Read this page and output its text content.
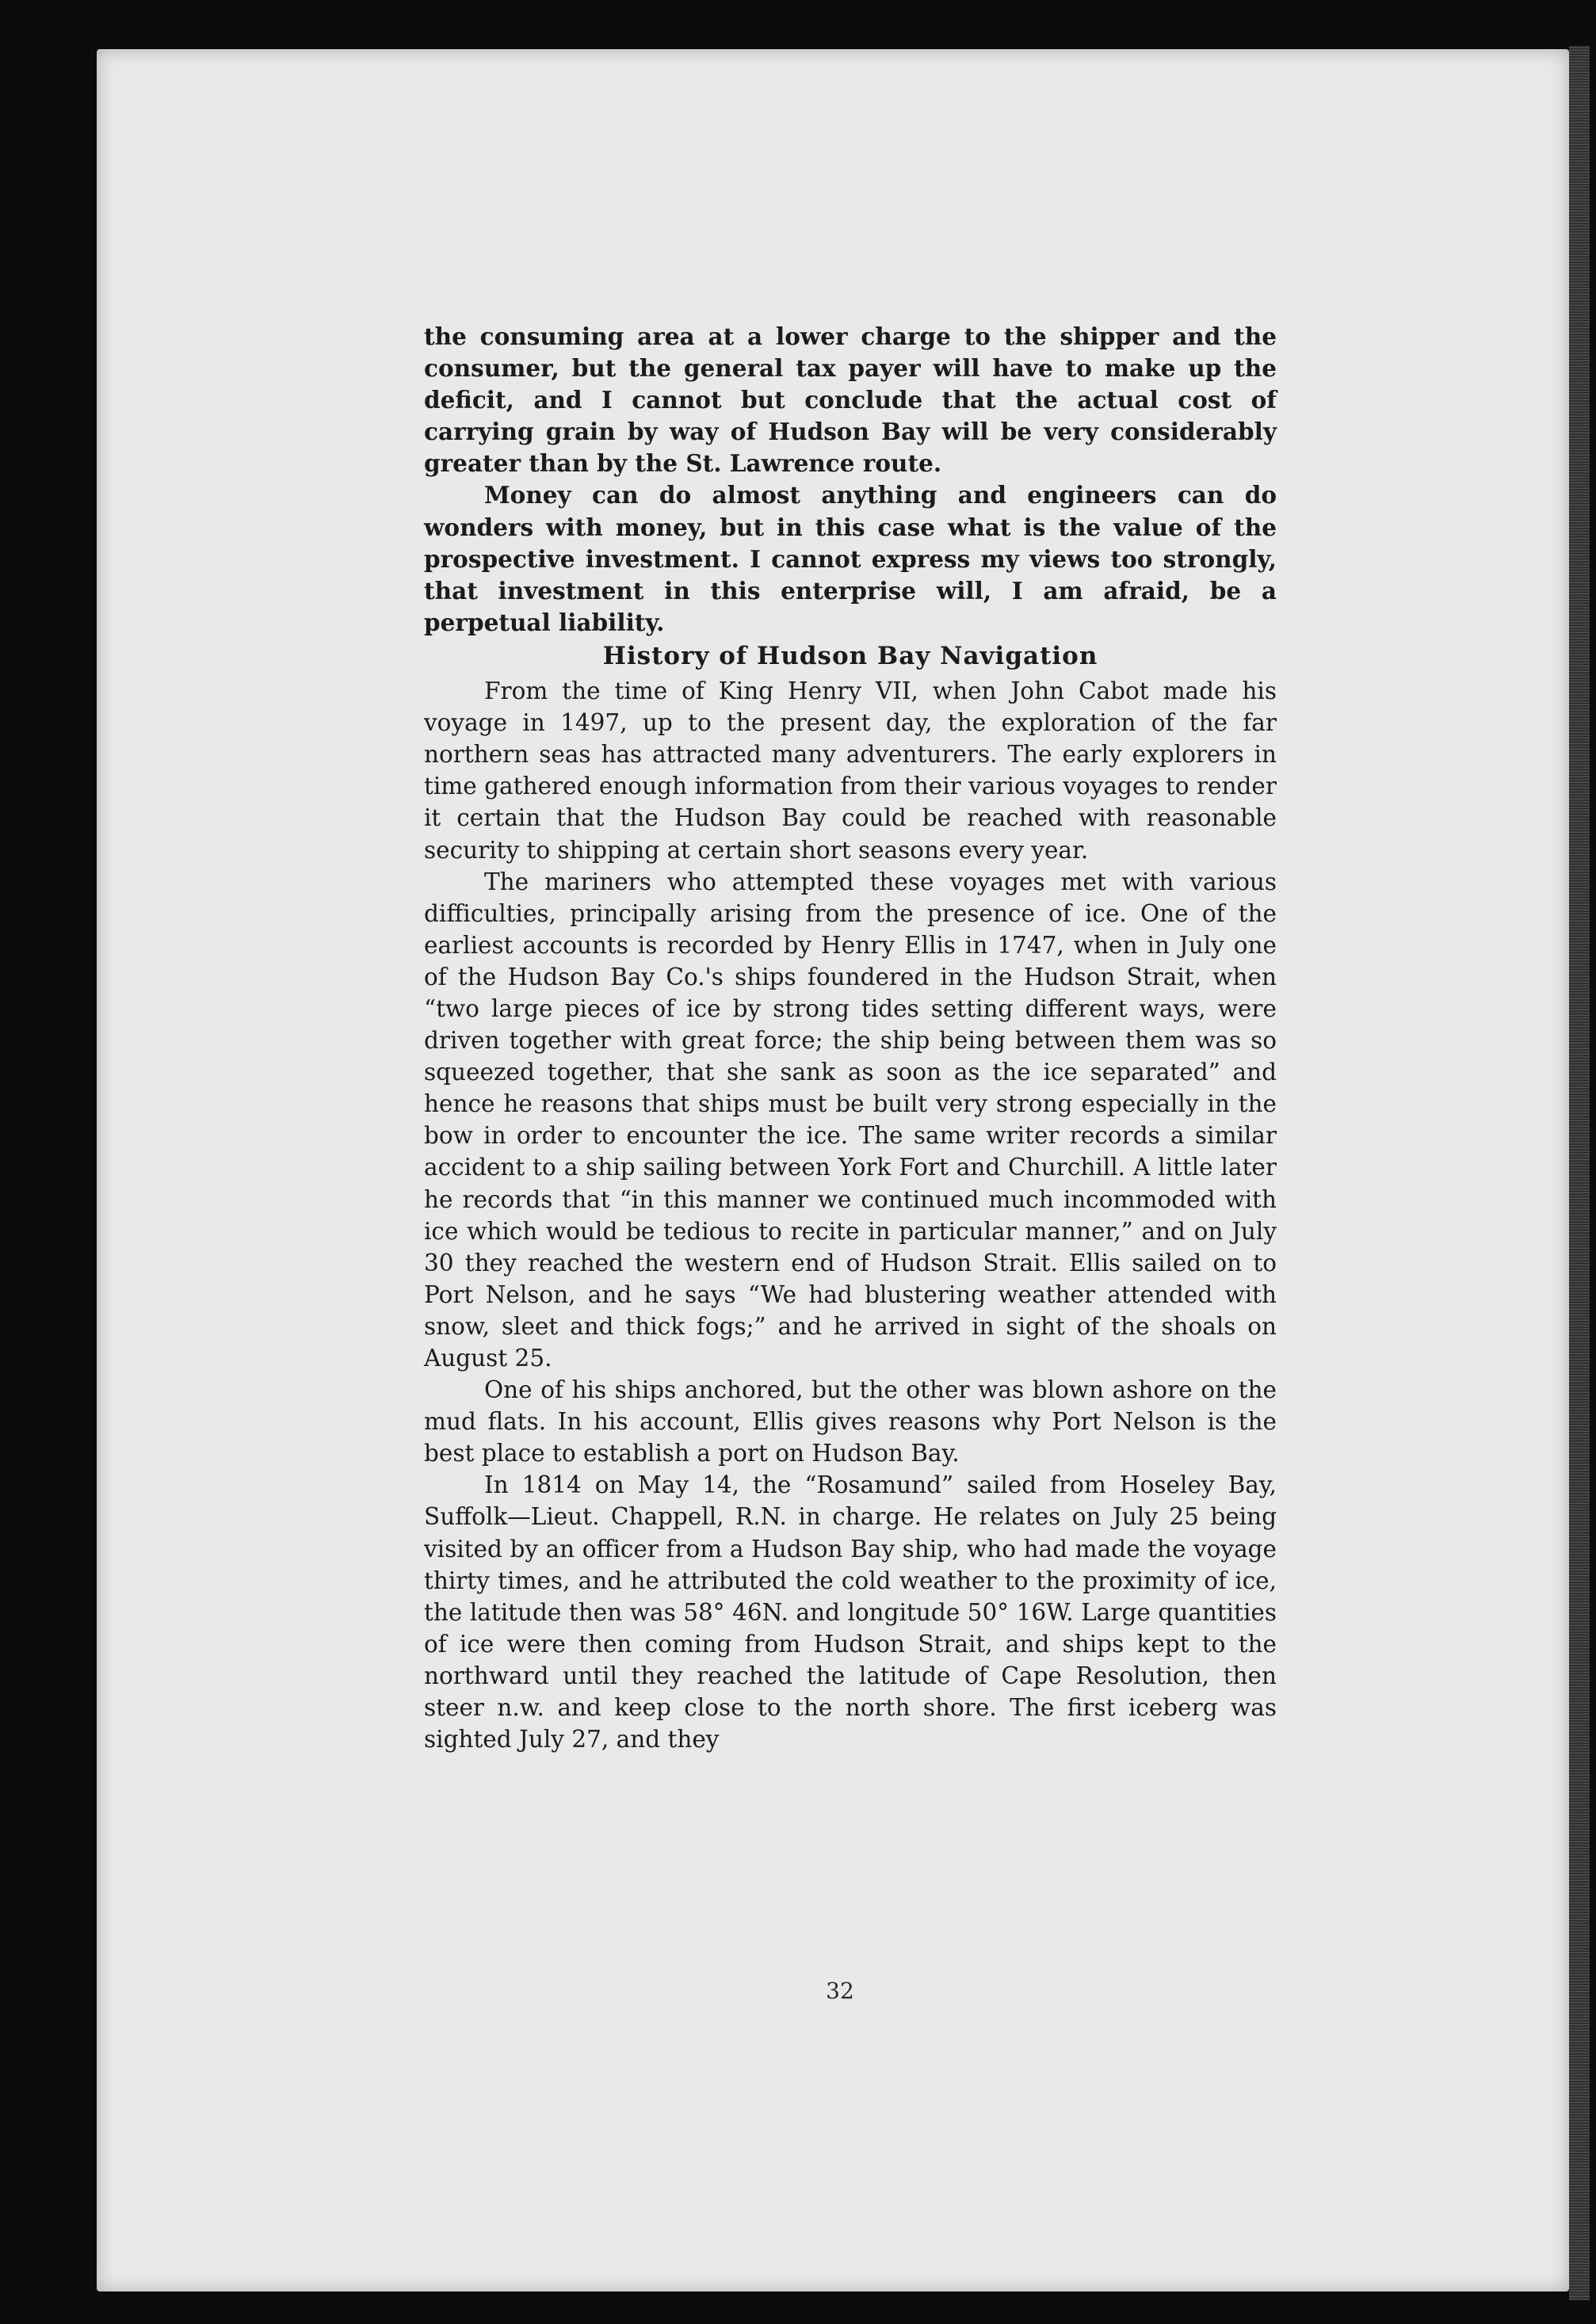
the consuming area at a lower charge to the shipper and the consumer, but the general tax payer will have to make up the deficit, and I cannot but conclude that the actual cost of carrying grain by way of Hudson Bay will be very considerably greater than by the St. Lawrence route.

Money can do almost anything and engineers can do wonders with money, but in this case what is the value of the prospective investment. I cannot express my views too strongly, that investment in this enterprise will, I am afraid, be a perpetual liability.

History of Hudson Bay Navigation

From the time of King Henry VII, when John Cabot made his voyage in 1497, up to the present day, the exploration of the far northern seas has attracted many adventurers. The early explorers in time gathered enough information from their various voyages to render it certain that the Hudson Bay could be reached with reasonable security to shipping at certain short seasons every year.

The mariners who attempted these voyages met with various difficulties, principally arising from the presence of ice. One of the earliest accounts is recorded by Henry Ellis in 1747, when in July one of the Hudson Bay Co.'s ships foundered in the Hudson Strait, when “two large pieces of ice by strong tides setting different ways, were driven together with great force; the ship being between them was so squeezed together, that she sank as soon as the ice separated” and hence he reasons that ships must be built very strong especially in the bow in order to encounter the ice. The same writer records a similar accident to a ship sailing between York Fort and Churchill. A little later he records that “in this manner we continued much incommoded with ice which would be tedious to recite in particular manner,” and on July 30 they reached the western end of Hudson Strait. Ellis sailed on to Port Nelson, and he says “We had blustering weather attended with snow, sleet and thick fogs;” and he arrived in sight of the shoals on August 25.

One of his ships anchored, but the other was blown ashore on the mud flats. In his account, Ellis gives reasons why Port Nelson is the best place to establish a port on Hudson Bay.

In 1814 on May 14, the “Rosamund” sailed from Hoseley Bay, Suffolk—Lieut. Chappell, R.N. in charge. He relates on July 25 being visited by an officer from a Hudson Bay ship, who had made the voyage thirty times, and he attributed the cold weather to the proximity of ice, the latitude then was 58° 46N. and longitude 50° 16W. Large quantities of ice were then coming from Hudson Strait, and ships kept to the northward until they reached the latitude of Cape Resolution, then steer n.w. and keep close to the north shore. The first iceberg was sighted July 27, and they

32
